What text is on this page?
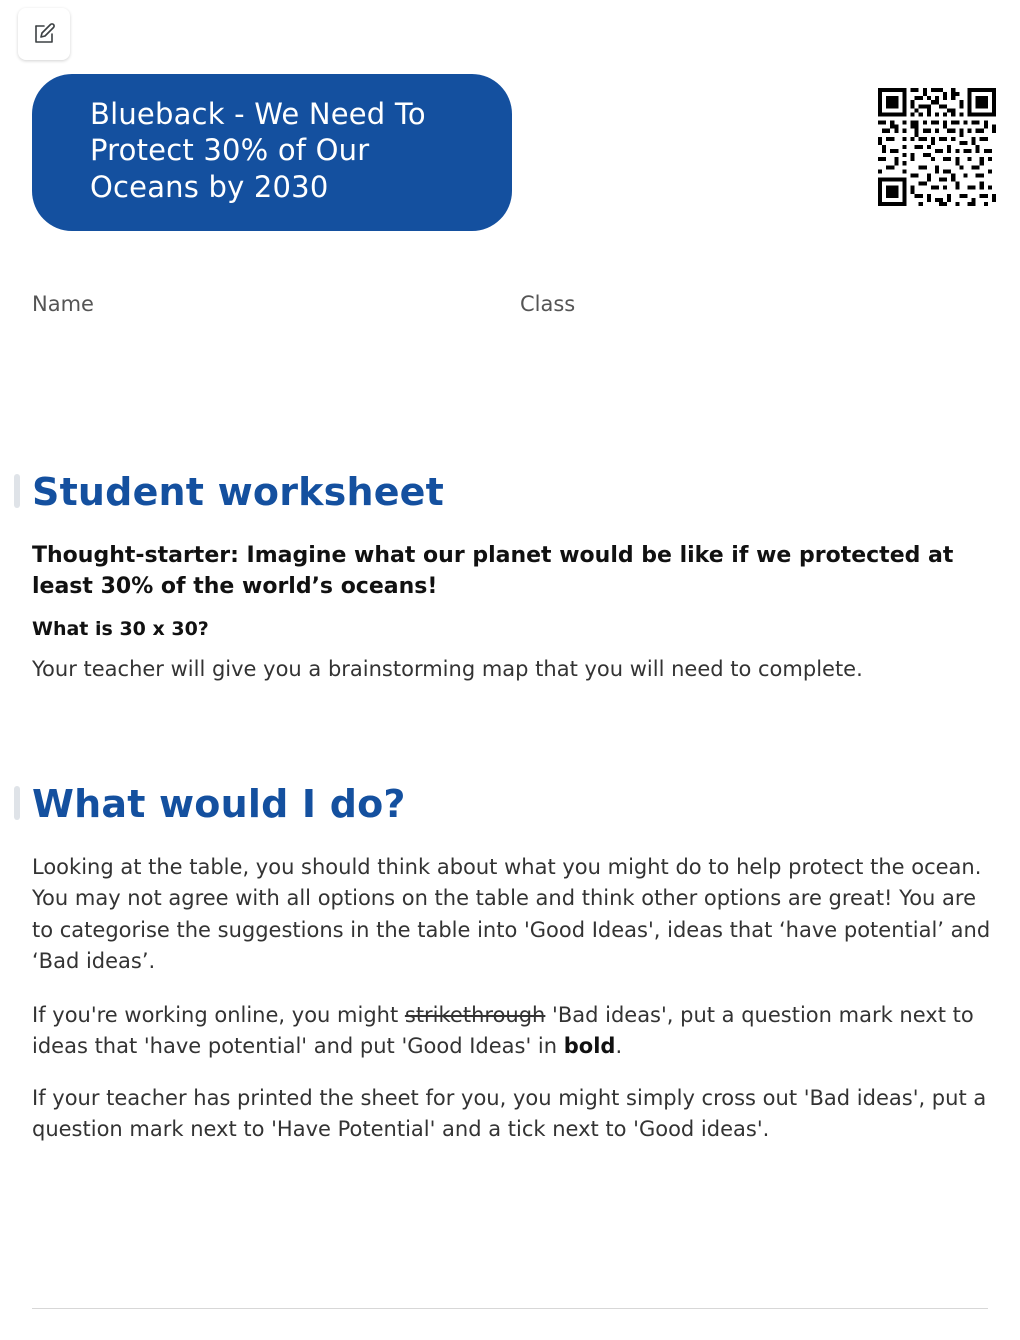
Blueback - We Need To Protect 30% of Our Oceans by 2030
Name	Class
Student worksheet

Thought-starter: Imagine what our planet would be like if we protected at least 30% of the world’s oceans!

What is 30 x 30?

Your teacher will give you a brainstorming map that you will need to complete.

What would I do?

Looking at the table, you should think about what you might do to help protect the ocean. You may not agree with all options on the table and think other options are great! You are to categorise the suggestions in the table into 'Good Ideas', ideas that ‘have potential’ and ‘Bad ideas’.

If you're working online, you might strikethrough 'Bad ideas', put a question mark next to ideas that 'have potential' and put 'Good Ideas' in bold.

If your teacher has printed the sheet for you, you might simply cross out 'Bad ideas', put a question mark next to 'Have Potential' and a tick next to 'Good ideas'.
